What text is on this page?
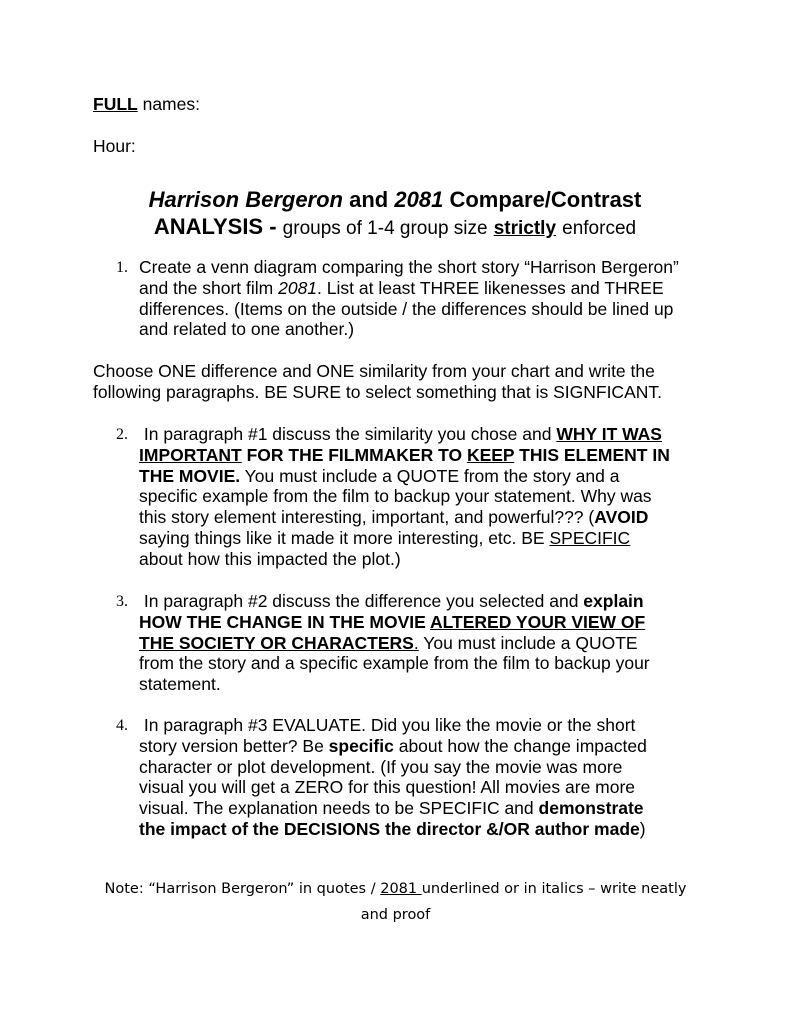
FULL names:
Hour:
Harrison Bergeron and 2081 Compare/Contrast
ANALYSIS - groups of 1-4 group size strictly enforced
1. Create a venn diagram comparing the short story “Harrison Bergeron”
and the short film 2081. List at least THREE likenesses and THREE
differences. (Items on the outside / the differences should be lined up
and related to one another.)
Choose ONE difference and ONE similarity from your chart and write the
following paragraphs. BE SURE to select something that is SIGNFICANT.
2. In paragraph #1 discuss the similarity you chose and WHY IT WAS
IMPORTANT FOR THE FILMMAKER TO KEEP THIS ELEMENT IN
THE MOVIE. You must include a QUOTE from the story and a
specific example from the film to backup your statement. Why was
this story element interesting, important, and powerful??? (AVOID
saying things like it made it more interesting, etc. BE SPECIFIC
about how this impacted the plot.)
3. In paragraph #2 discuss the difference you selected and explain
HOW THE CHANGE IN THE MOVIE ALTERED YOUR VIEW OF
THE SOCIETY OR CHARACTERS. You must include a QUOTE
from the story and a specific example from the film to backup your
statement.
4. In paragraph #3 EVALUATE. Did you like the movie or the short
story version better? Be specific about how the change impacted
character or plot development. (If you say the movie was more
visual you will get a ZERO for this question! All movies are more
visual. The explanation needs to be SPECIFIC and demonstrate
the impact of the DECISIONS the director &/OR author made)
Note: “Harrison Bergeron” in quotes / 2081 underlined or in italics – write neatly
and proof
